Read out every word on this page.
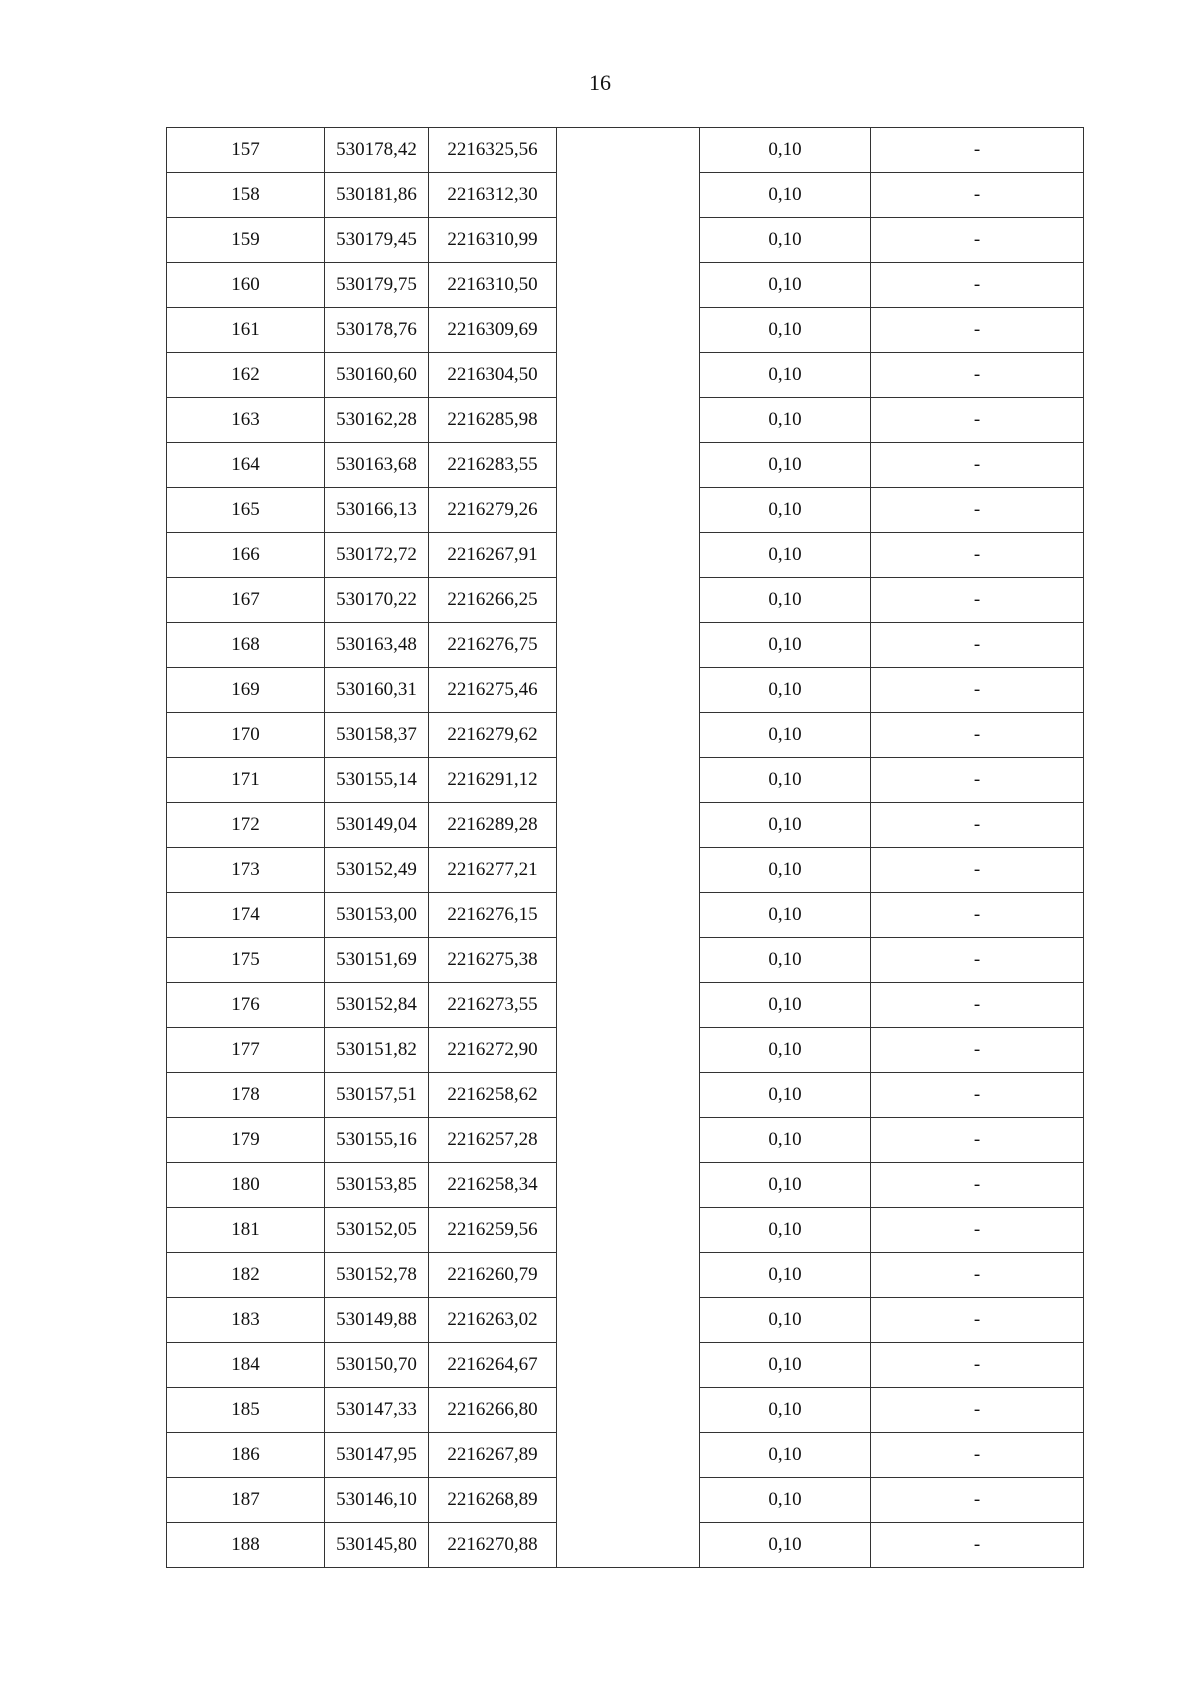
16
157	530178,42	2216325,56		0,10	-
158	530181,86	2216312,30		0,10	-
159	530179,45	2216310,99		0,10	-
160	530179,75	2216310,50		0,10	-
161	530178,76	2216309,69		0,10	-
162	530160,60	2216304,50		0,10	-
163	530162,28	2216285,98		0,10	-
164	530163,68	2216283,55		0,10	-
165	530166,13	2216279,26		0,10	-
166	530172,72	2216267,91		0,10	-
167	530170,22	2216266,25		0,10	-
168	530163,48	2216276,75		0,10	-
169	530160,31	2216275,46		0,10	-
170	530158,37	2216279,62		0,10	-
171	530155,14	2216291,12		0,10	-
172	530149,04	2216289,28		0,10	-
173	530152,49	2216277,21		0,10	-
174	530153,00	2216276,15		0,10	-
175	530151,69	2216275,38		0,10	-
176	530152,84	2216273,55		0,10	-
177	530151,82	2216272,90		0,10	-
178	530157,51	2216258,62		0,10	-
179	530155,16	2216257,28		0,10	-
180	530153,85	2216258,34		0,10	-
181	530152,05	2216259,56		0,10	-
182	530152,78	2216260,79		0,10	-
183	530149,88	2216263,02		0,10	-
184	530150,70	2216264,67		0,10	-
185	530147,33	2216266,80		0,10	-
186	530147,95	2216267,89		0,10	-
187	530146,10	2216268,89		0,10	-
188	530145,80	2216270,88		0,10	-
